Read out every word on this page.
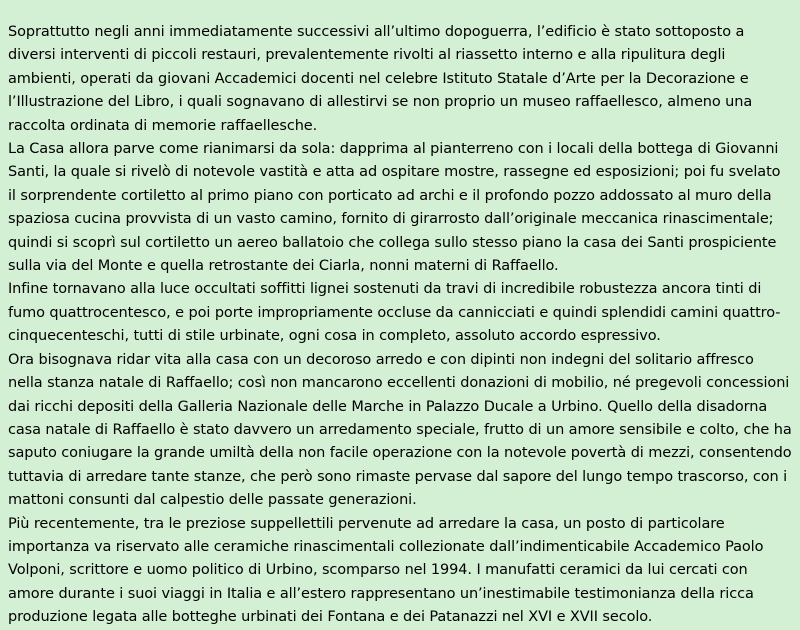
Soprattutto negli anni immediatamente successivi all’ultimo dopoguerra, l’edificio è stato sottoposto a diversi interventi di piccoli restauri, prevalentemente rivolti al riassetto interno e alla ripulitura degli ambienti, operati da giovani Accademici docenti nel celebre Istituto Statale d’Arte per la Decorazione e l’Illustrazione del Libro, i quali sognavano di allestirvi se non proprio un museo raffaellesco, almeno una raccolta ordinata di memorie raffaellesche.

La Casa allora parve come rianimarsi da sola: dapprima al pianterreno con i locali della bottega di Giovanni Santi, la quale si rivelò di notevole vastità e atta ad ospitare mostre, rassegne ed esposizioni; poi fu svelato il sorprendente cortiletto al primo piano con porticato ad archi e il profondo pozzo addossato al muro della spaziosa cucina provvista di un vasto camino, fornito di girarrosto dall’originale meccanica rinascimentale; quindi si scoprì sul cortiletto un aereo ballatoio che collega sullo stesso piano la casa dei Santi prospiciente sulla via del Monte e quella retrostante dei Ciarla, nonni materni di Raffaello.

Infine tornavano alla luce occultati soffitti lignei sostenuti da travi di incredibile robustezza ancora tinti di fumo quattrocentesco, e poi porte impropriamente occluse da cannicciati e quindi splendidi camini quattro-cinquecenteschi, tutti di stile urbinate, ogni cosa in completo, assoluto accordo espressivo.

Ora bisognava ridar vita alla casa con un decoroso arredo e con dipinti non indegni del solitario affresco nella stanza natale di Raffaello; così non mancarono eccellenti donazioni di mobilio, né pregevoli concessioni dai ricchi depositi della Galleria Nazionale delle Marche in Palazzo Ducale a Urbino. Quello della disadorna casa natale di Raffaello è stato davvero un arredamento speciale, frutto di un amore sensibile e colto, che ha saputo coniugare la grande umiltà della non facile operazione con la notevole povertà di mezzi, consentendo tuttavia di arredare tante stanze, che però sono rimaste pervase dal sapore del lungo tempo trascorso, con i mattoni consunti dal calpestio delle passate generazioni.

Più recentemente, tra le preziose suppellettili pervenute ad arredare la casa, un posto di particolare importanza va riservato alle ceramiche rinascimentali collezionate dall’indimenticabile Accademico Paolo Volponi, scrittore e uomo politico di Urbino, scomparso nel 1994. I manufatti ceramici da lui cercati con amore durante i suoi viaggi in Italia e all’estero rappresentano un’inestimabile testimonianza della ricca produzione legata alle botteghe urbinati dei Fontana e dei Patanazzi nel XVI e XVII secolo.
